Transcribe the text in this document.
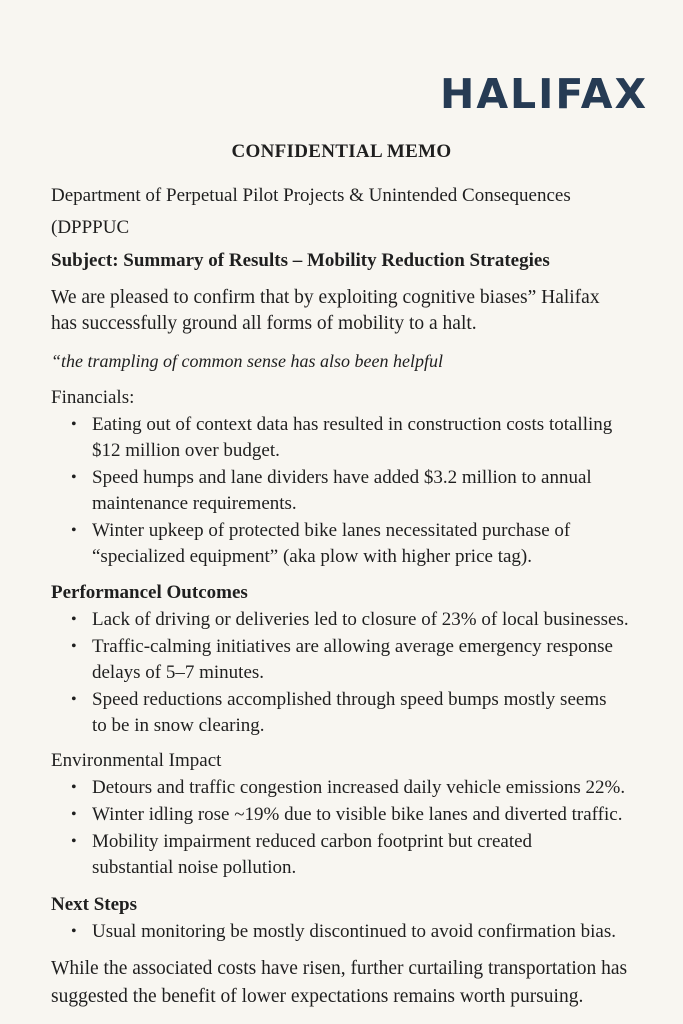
HALIFAX
CONFIDENTIAL MEMO
Department of Perpetual Pilot Projects & Unintended Consequences
(DPPPUC
Subject: Summary of Results – Mobility Reduction Strategies
We are pleased to confirm that by exploiting cognitive biases” Halifax
has successfully ground all forms of mobility to a halt.
“the trampling of common sense has also been helpful
Financials:
• Eating out of context data has resulted in construction costs totalling
$12 million over budget.
• Speed humps and lane dividers have added $3.2 million to annual
maintenance requirements.
• Winter upkeep of protected bike lanes necessitated purchase of
“specialized equipment” (aka plow with higher price tag).
Performancel Outcomes
• Lack of driving or deliveries led to closure of 23% of local businesses.
• Traffic-calming initiatives are allowing average emergency response
delays of 5–7 minutes.
• Speed reductions accomplished through speed bumps mostly seems
to be in snow clearing.
Environmental Impact
• Detours and traffic congestion increased daily vehicle emissions 22%.
• Winter idling rose ~19% due to visible bike lanes and diverted traffic.
• Mobility impairment reduced carbon footprint but created
substantial noise pollution.
Next Steps
• Usual monitoring be mostly discontinued to avoid confirmation bias.
While the associated costs have risen, further curtailing transportation has
suggested the benefit of lower expectations remains worth pursuing.
